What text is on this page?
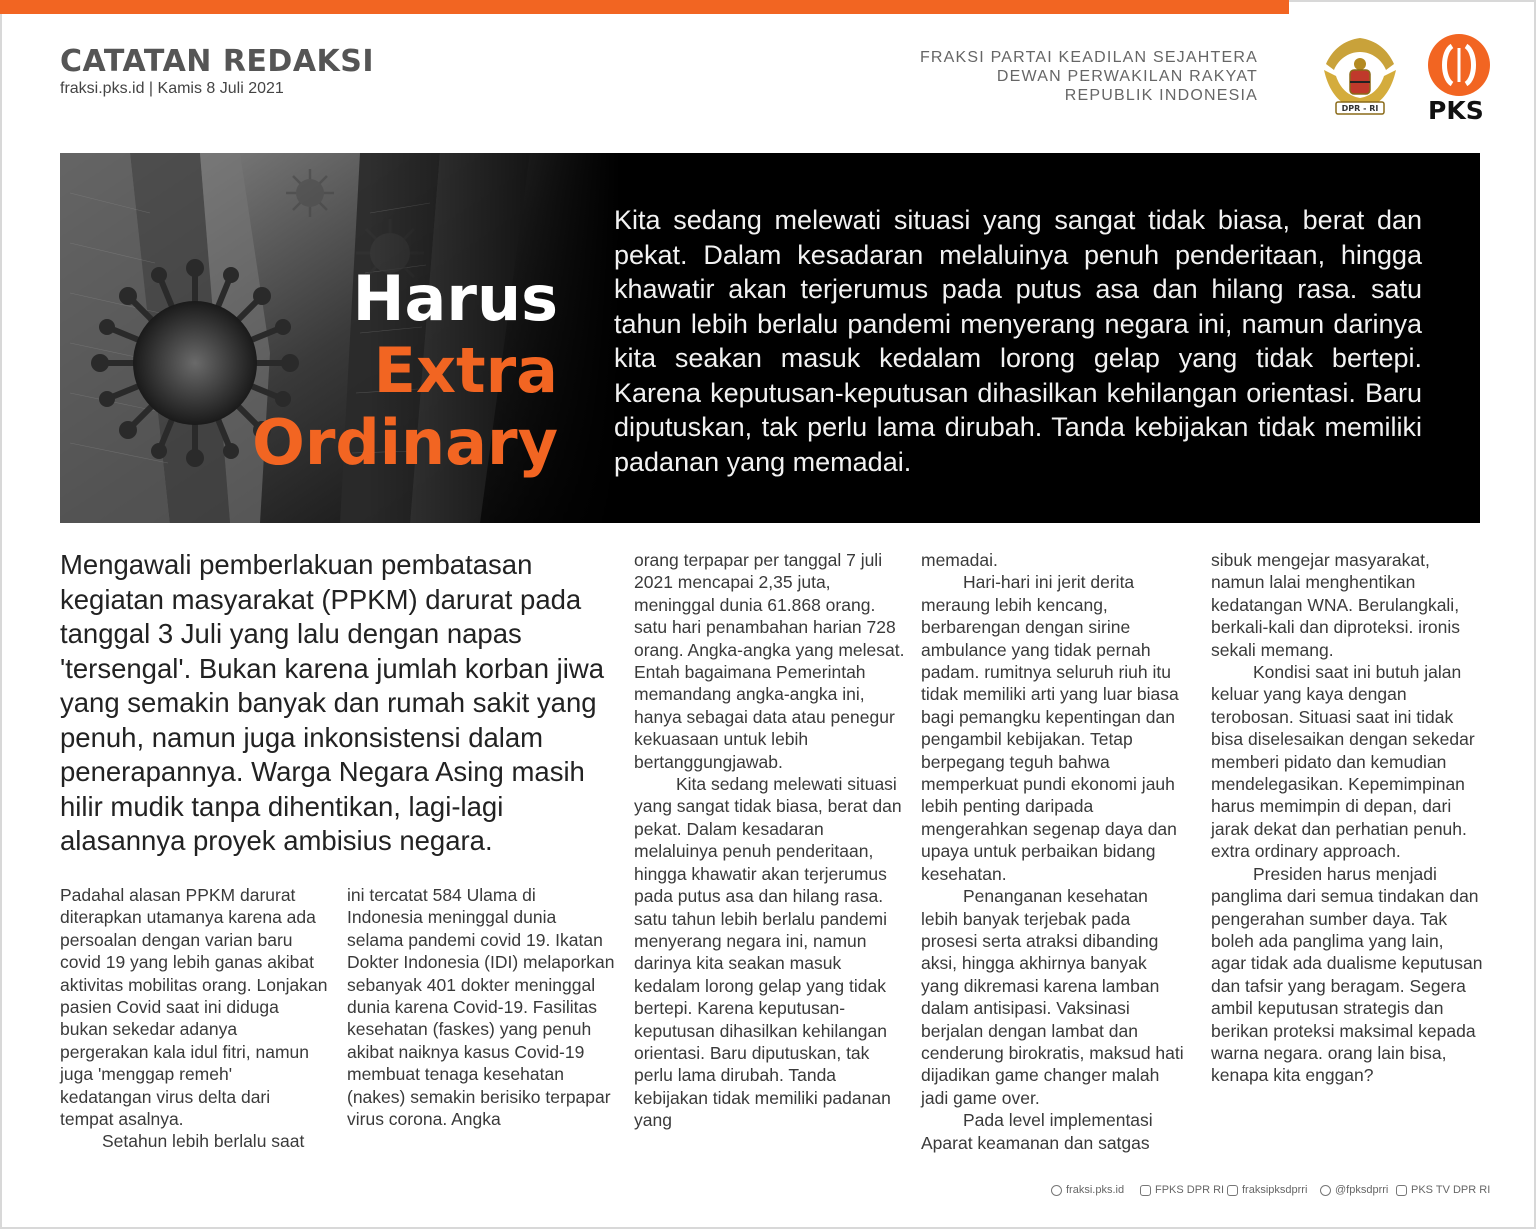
CATATAN REDAKSI
fraksi.pks.id | Kamis 8 Juli 2021
FRAKSI PARTAI KEADILAN SEJAHTERA
DEWAN PERWAKILAN RAKYAT
REPUBLIK INDONESIA
DPR - RI PKS
Harus
Extra
Ordinary
Kita sedang melewati situasi yang sangat tidak biasa, berat dan pekat. Dalam kesadaran melaluinya penuh penderitaan, hingga khawatir akan terjerumus pada putus asa dan hilang rasa. satu tahun lebih berlalu pandemi menyerang negara ini, namun darinya kita seakan masuk kedalam lorong gelap yang tidak bertepi. Karena keputusan-keputusan dihasilkan kehilangan orientasi. Baru diputuskan, tak perlu lama dirubah. Tanda kebijakan tidak memiliki padanan yang memadai.
Mengawali pemberlakuan pembatasan kegiatan masyarakat (PPKM) darurat pada tanggal 3 Juli yang lalu dengan napas 'tersengal'. Bukan karena jumlah korban jiwa yang semakin banyak dan rumah sakit yang penuh, namun juga inkonsistensi dalam penerapannya. Warga Negara Asing masih hilir mudik tanpa dihentikan, lagi-lagi alasannya proyek ambisius negara.

Padahal alasan PPKM darurat diterapkan utamanya karena ada persoalan dengan varian baru covid 19 yang lebih ganas akibat aktivitas mobilitas orang. Lonjakan pasien Covid saat ini diduga bukan sekedar adanya pergerakan kala idul fitri, namun juga 'menggap remeh' kedatangan virus delta dari tempat asalnya.

Setahun lebih berlalu saat

ini tercatat 584 Ulama di Indonesia meninggal dunia selama pandemi covid 19. Ikatan Dokter Indonesia (IDI) melaporkan sebanyak 401 dokter meninggal dunia karena Covid-19. Fasilitas kesehatan (faskes) yang penuh akibat naiknya kasus Covid-19 membuat tenaga kesehatan (nakes) semakin berisiko terpapar virus corona. Angka

orang terpapar per tanggal 7 juli 2021 mencapai 2,35 juta, meninggal dunia 61.868 orang. satu hari penambahan harian 728 orang. Angka-angka yang melesat. Entah bagaimana Pemerintah memandang angka-angka ini, hanya sebagai data atau penegur kekuasaan untuk lebih bertanggungjawab.

Kita sedang melewati situasi yang sangat tidak biasa, berat dan pekat. Dalam kesadaran melaluinya penuh penderitaan, hingga khawatir akan terjerumus pada putus asa dan hilang rasa. satu tahun lebih berlalu pandemi menyerang negara ini, namun darinya kita seakan masuk kedalam lorong gelap yang tidak bertepi. Karena keputusan-keputusan dihasilkan kehilangan orientasi. Baru diputuskan, tak perlu lama dirubah. Tanda kebijakan tidak memiliki padanan yang

memadai.

Hari-hari ini jerit derita meraung lebih kencang, berbarengan dengan sirine ambulance yang tidak pernah padam. rumitnya seluruh riuh itu tidak memiliki arti yang luar biasa bagi pemangku kepentingan dan pengambil kebijakan. Tetap berpegang teguh bahwa memperkuat pundi ekonomi jauh lebih penting daripada mengerahkan segenap daya dan upaya untuk perbaikan bidang kesehatan.

Penanganan kesehatan lebih banyak terjebak pada prosesi serta atraksi dibanding aksi, hingga akhirnya banyak yang dikremasi karena lamban dalam antisipasi. Vaksinasi berjalan dengan lambat dan cenderung birokratis, maksud hati dijadikan game changer malah jadi game over.

Pada level implementasi Aparat keamanan dan satgas

sibuk mengejar masyarakat, namun lalai menghentikan kedatangan WNA. Berulangkali, berkali-kali dan diproteksi. ironis sekali memang.

Kondisi saat ini butuh jalan keluar yang kaya dengan terobosan. Situasi saat ini tidak bisa diselesaikan dengan sekedar memberi pidato dan kemudian mendelegasikan. Kepemimpinan harus memimpin di depan, dari jarak dekat dan perhatian penuh. extra ordinary approach.

Presiden harus menjadi panglima dari semua tindakan dan pengerahan sumber daya. Tak boleh ada panglima yang lain, agar tidak ada dualisme keputusan dan tafsir yang beragam. Segera ambil keputusan strategis dan berikan proteksi maksimal kepada warna negara. orang lain bisa, kenapa kita enggan?

fraksi.pks.id	FPKS DPR RI fraksipksdprri	@fpksdprri PKS TV DPR RI
